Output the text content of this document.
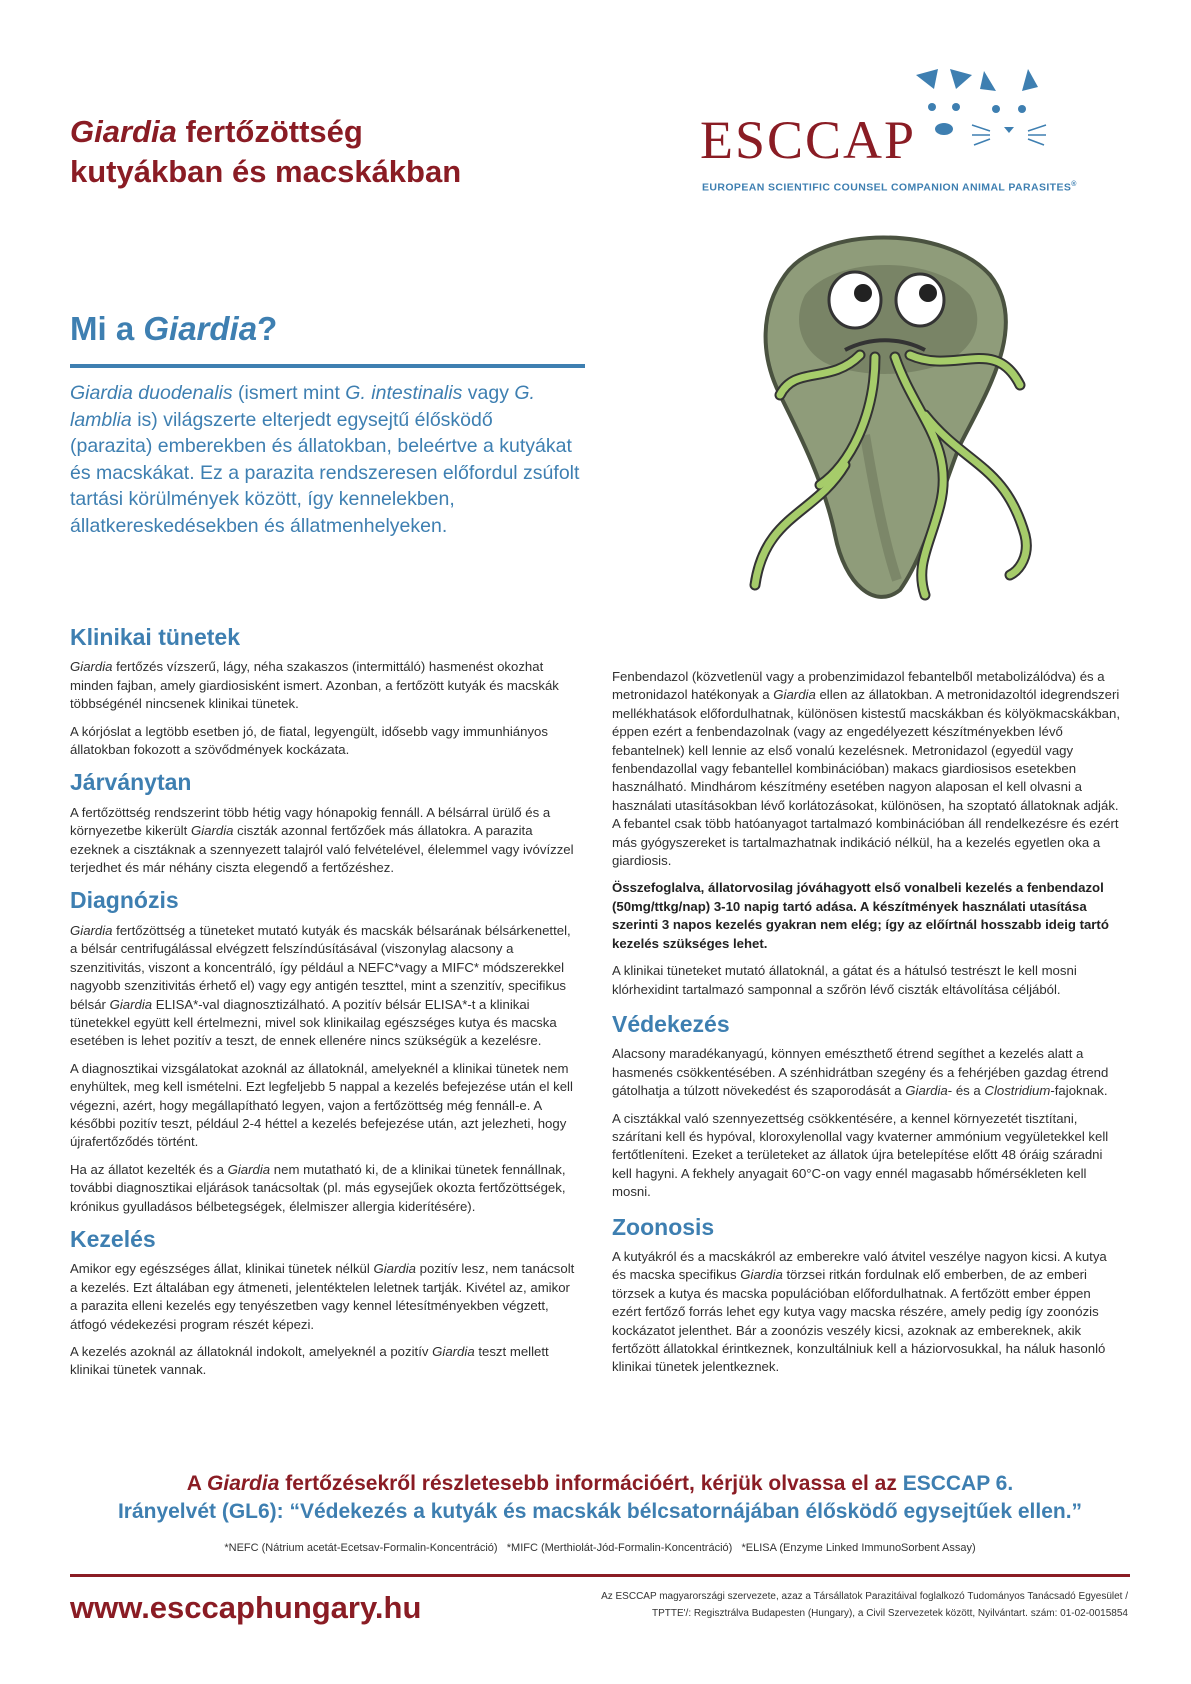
Giardia fertőzöttség
kutyákban és macskákban
ESCCAP
EUROPEAN SCIENTIFIC COUNSEL COMPANION ANIMAL PARASITES®
Mi a Giardia?
Giardia duodenalis (ismert mint G. intestinalis vagy G. lamblia is) világszerte elterjedt egysejtű élősködő (parazita) emberekben és állatokban, beleértve a kutyákat és macskákat. Ez a parazita rendszeresen előfordul zsúfolt tartási körülmények között, így kennelekben, állatkereskedésekben és állatmenhelyeken.
Klinikai tünetek

Giardia fertőzés vízszerű, lágy, néha szakaszos (intermittáló) hasmenést okozhat minden fajban, amely giardiosisként ismert. Azonban, a fertőzött kutyák és macskák többségénél nincsenek klinikai tünetek.

A kórjóslat a legtöbb esetben jó, de fiatal, legyengült, idősebb vagy immunhiányos állatokban fokozott a szövődmények kockázata.

Járványtan

A fertőzöttség rendszerint több hétig vagy hónapokig fennáll. A bélsárral ürülő és a környezetbe kikerült Giardia ciszták azonnal fertőzőek más állatokra. A parazita ezeknek a cisztáknak a szennyezett talajról való felvételével, élelemmel vagy ivóvízzel terjedhet és már néhány ciszta elegendő a fertőzéshez.

Diagnózis

Giardia fertőzöttség a tüneteket mutató kutyák és macskák bélsarának bélsárkenettel, a bélsár centrifugálással elvégzett felszíndúsításával (viszonylag alacsony a szenzitivitás, viszont a koncentráló, így például a NEFC*vagy a MIFC* módszerekkel nagyobb szenzitivitás érhető el) vagy egy antigén teszttel, mint a szenzitív, specifikus bélsár Giardia ELISA*-val diagnosztizálható. A pozitív bélsár ELISA*-t a klinikai tünetekkel együtt kell értelmezni, mivel sok klinikailag egészséges kutya és macska esetében is lehet pozitív a teszt, de ennek ellenére nincs szükségük a kezelésre.

A diagnosztikai vizsgálatokat azoknál az állatoknál, amelyeknél a klinikai tünetek nem enyhültek, meg kell ismételni. Ezt legfeljebb 5 nappal a kezelés befejezése után el kell végezni, azért, hogy megállapítható legyen, vajon a fertőzöttség még fennáll-e. A későbbi pozitív teszt, például 2-4 héttel a kezelés befejezése után, azt jelezheti, hogy újrafertőződés történt.

Ha az állatot kezelték és a Giardia nem mutatható ki, de a klinikai tünetek fennállnak, további diagnosztikai eljárások tanácsoltak (pl. más egysejűek okozta fertőzöttségek, krónikus gyulladásos bélbetegségek, élelmiszer allergia kiderítésére).

Kezelés

Amikor egy egészséges állat, klinikai tünetek nélkül Giardia pozitív lesz, nem tanácsolt a kezelés. Ezt általában egy átmeneti, jelentéktelen leletnek tartják. Kivétel az, amikor a parazita elleni kezelés egy tenyészetben vagy kennel létesítményekben végzett, átfogó védekezési program részét képezi.

A kezelés azoknál az állatoknál indokolt, amelyeknél a pozitív Giardia teszt mellett klinikai tünetek vannak.

Fenbendazol (közvetlenül vagy a probenzimidazol febantelből metabolizálódva) és a metronidazol hatékonyak a Giardia ellen az állatokban. A metronidazoltól idegrendszeri mellékhatások előfordulhatnak, különösen kistestű macskákban és kölyökmacskákban, éppen ezért a fenbendazolnak (vagy az engedélyezett készítményekben lévő febantelnek) kell lennie az első vonalú kezelésnek. Metronidazol (egyedül vagy fenbendazollal vagy febantellel kombinációban) makacs giardiosisos esetekben használható. Mindhárom készítmény esetében nagyon alaposan el kell olvasni a használati utasításokban lévő korlátozásokat, különösen, ha szoptató állatoknak adják. A febantel csak több hatóanyagot tartalmazó kombinációban áll rendelkezésre és ezért más gyógyszereket is tartalmazhatnak indikáció nélkül, ha a kezelés egyetlen oka a giardiosis.

Összefoglalva, állatorvosilag jóváhagyott első vonalbeli kezelés a fenbendazol (50mg/ttkg/nap) 3-10 napig tartó adása. A készítmények használati utasítása szerinti 3 napos kezelés gyakran nem elég; így az előírtnál hosszabb ideig tartó kezelés szükséges lehet.

A klinikai tüneteket mutató állatoknál, a gátat és a hátulsó testrészt le kell mosni klórhexidint tartalmazó samponnal a szőrön lévő ciszták eltávolítása céljából.

Védekezés

Alacsony maradékanyagú, könnyen emészthető étrend segíthet a kezelés alatt a hasmenés csökkentésében. A szénhidrátban szegény és a fehérjében gazdag étrend gátolhatja a túlzott növekedést és szaporodását a Giardia- és a Clostridium-fajoknak.

A cisztákkal való szennyezettség csökkentésére, a kennel környezetét tisztítani, szárítani kell és hypóval, kloroxylenollal vagy kvaterner ammónium vegyületekkel kell fertőtleníteni. Ezeket a területeket az állatok újra betelepítése előtt 48 óráig száradni kell hagyni. A fekhely anyagait 60°C-on vagy ennél magasabb hőmérsékleten kell mosni.

Zoonosis

A kutyákról és a macskákról az emberekre való átvitel veszélye nagyon kicsi. A kutya és macska specifikus Giardia törzsei ritkán fordulnak elő emberben, de az emberi törzsek a kutya és macska populációban előfordulhatnak. A fertőzött ember éppen ezért fertőző forrás lehet egy kutya vagy macska részére, amely pedig így zoonózis kockázatot jelenthet. Bár a zoonózis veszély kicsi, azoknak az embereknek, akik fertőzött állatokkal érintkeznek, konzultálniuk kell a háziorvosukkal, ha náluk hasonló klinikai tünetek jelentkeznek.

A Giardia fertőzésekről részletesebb információért, kérjük olvassa el az ESCCAP 6.
Irányelvét (GL6): “Védekezés a kutyák és macskák bélcsatornájában élősködő egysejtűek ellen.”
*NEFC (Nátrium acetát-Ecetsav-Formalin-Koncentráció)   *MIFC (Merthiolát-Jód-Formalin-Koncentráció)   *ELISA (Enzyme Linked ImmunoSorbent Assay)
www.esccaphungary.hu	Az ESCCAP magyarországi szervezete, azaz a Társállatok Parazitáival foglalkozó Tudományos Tanácsadó Egyesület /
TPTTE'/: Regisztrálva Budapesten (Hungary), a Civil Szervezetek között, Nyilvántart. szám: 01-02-0015854
